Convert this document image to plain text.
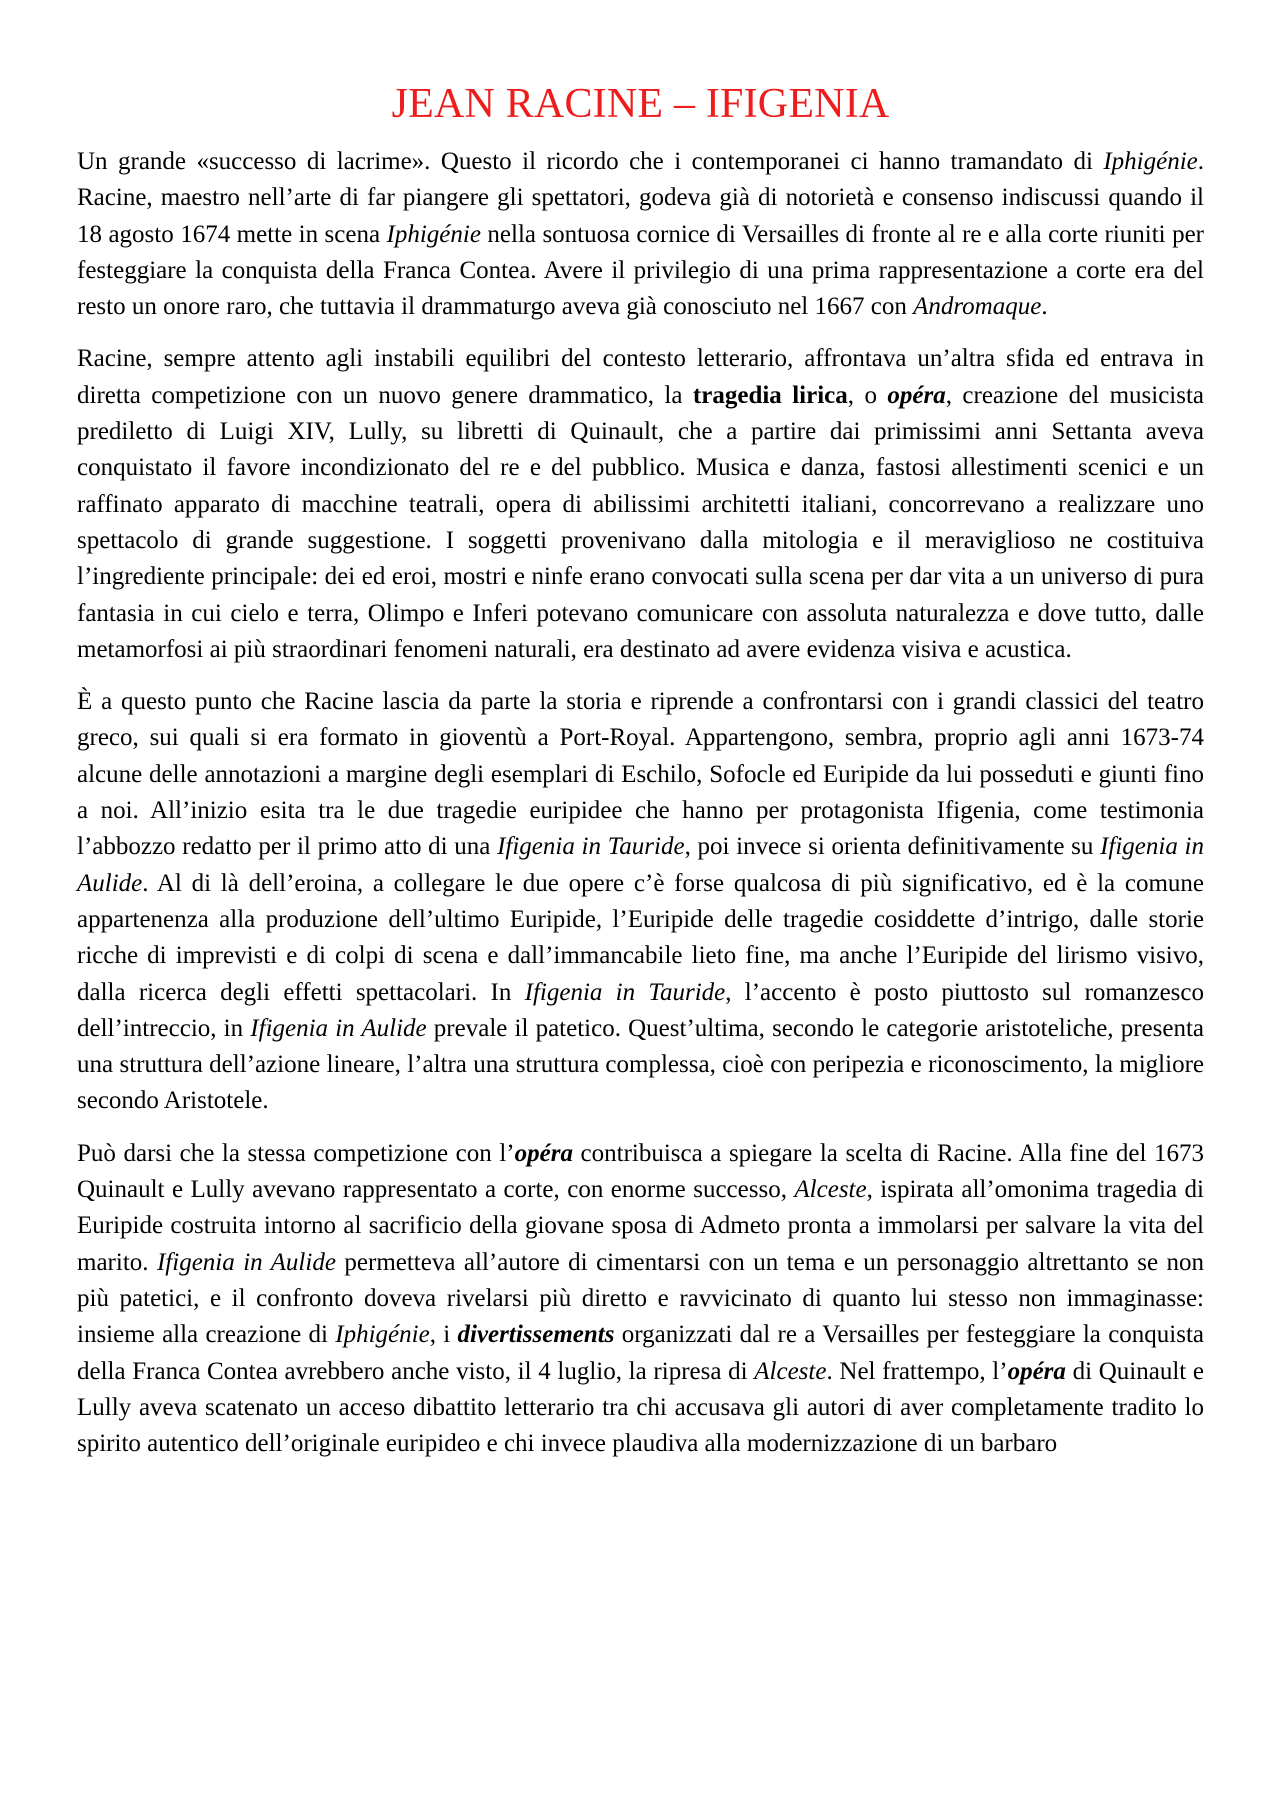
JEAN RACINE – IFIGENIA

Un grande «successo di lacrime». Questo il ricordo che i contemporanei ci hanno tramandato di Iphigénie. Racine, maestro nell’arte di far piangere gli spettatori, godeva già di notorietà e consenso indiscussi quando il 18 agosto 1674 mette in scena Iphigénie nella sontuosa cornice di Versailles di fronte al re e alla corte riuniti per festeggiare la conquista della Franca Contea. Avere il privilegio di una prima rappresentazione a corte era del resto un onore raro, che tuttavia il drammaturgo aveva già conosciuto nel 1667 con Andromaque.

Racine, sempre attento agli instabili equilibri del contesto letterario, affrontava un’altra sfida ed entrava in diretta competizione con un nuovo genere drammatico, la tragedia lirica, o opéra, creazione del musicista prediletto di Luigi XIV, Lully, su libretti di Quinault, che a partire dai primissimi anni Settanta aveva conquistato il favore incondizionato del re e del pubblico. Musica e danza, fastosi allestimenti scenici e un raffinato apparato di macchine teatrali, opera di abilissimi architetti italiani, concorrevano a realizzare uno spettacolo di grande suggestione. I soggetti provenivano dalla mitologia e il meraviglioso ne costituiva l’ingrediente principale: dei ed eroi, mostri e ninfe erano convocati sulla scena per dar vita a un universo di pura fantasia in cui cielo e terra, Olimpo e Inferi potevano comunicare con assoluta naturalezza e dove tutto, dalle metamorfosi ai più straordinari fenomeni naturali, era destinato ad avere evidenza visiva e acustica.

È a questo punto che Racine lascia da parte la storia e riprende a confrontarsi con i grandi classici del teatro greco, sui quali si era formato in gioventù a Port-Royal. Appartengono, sembra, proprio agli anni 1673-74 alcune delle annotazioni a margine degli esemplari di Eschilo, Sofocle ed Euripide da lui posseduti e giunti fino a noi. All’inizio esita tra le due tragedie euripidee che hanno per protagonista Ifigenia, come testimonia l’abbozzo redatto per il primo atto di una Ifigenia in Tauride, poi invece si orienta definitivamente su Ifigenia in Aulide. Al di là dell’eroina, a collegare le due opere c’è forse qualcosa di più significativo, ed è la comune appartenenza alla produzione dell’ultimo Euripide, l’Euripide delle tragedie cosiddette d’intrigo, dalle storie ricche di imprevisti e di colpi di scena e dall’immancabile lieto fine, ma anche l’Euripide del lirismo visivo, dalla ricerca degli effetti spettacolari. In Ifigenia in Tauride, l’accento è posto piuttosto sul romanzesco dell’intreccio, in Ifigenia in Aulide prevale il patetico. Quest’ultima, secondo le categorie aristoteliche, presenta una struttura dell’azione lineare, l’altra una struttura complessa, cioè con peripezia e riconoscimento, la migliore secondo Aristotele.

Può darsi che la stessa competizione con l’opéra contribuisca a spiegare la scelta di Racine. Alla fine del 1673 Quinault e Lully avevano rappresentato a corte, con enorme successo, Alceste, ispirata all’omonima tragedia di Euripide costruita intorno al sacrificio della giovane sposa di Admeto pronta a immolarsi per salvare la vita del marito. Ifigenia in Aulide permetteva all’autore di cimentarsi con un tema e un personaggio altrettanto se non più patetici, e il confronto doveva rivelarsi più diretto e ravvicinato di quanto lui stesso non immaginasse: insieme alla creazione di Iphigénie, i divertissements organizzati dal re a Versailles per festeggiare la conquista della Franca Contea avrebbero anche visto, il 4 luglio, la ripresa di Alceste. Nel frattempo, l’opéra di Quinault e Lully aveva scatenato un acceso dibattito letterario tra chi accusava gli autori di aver completamente tradito lo spirito autentico dell’originale euripideo e chi invece plaudiva alla modernizzazione di un barbaro
